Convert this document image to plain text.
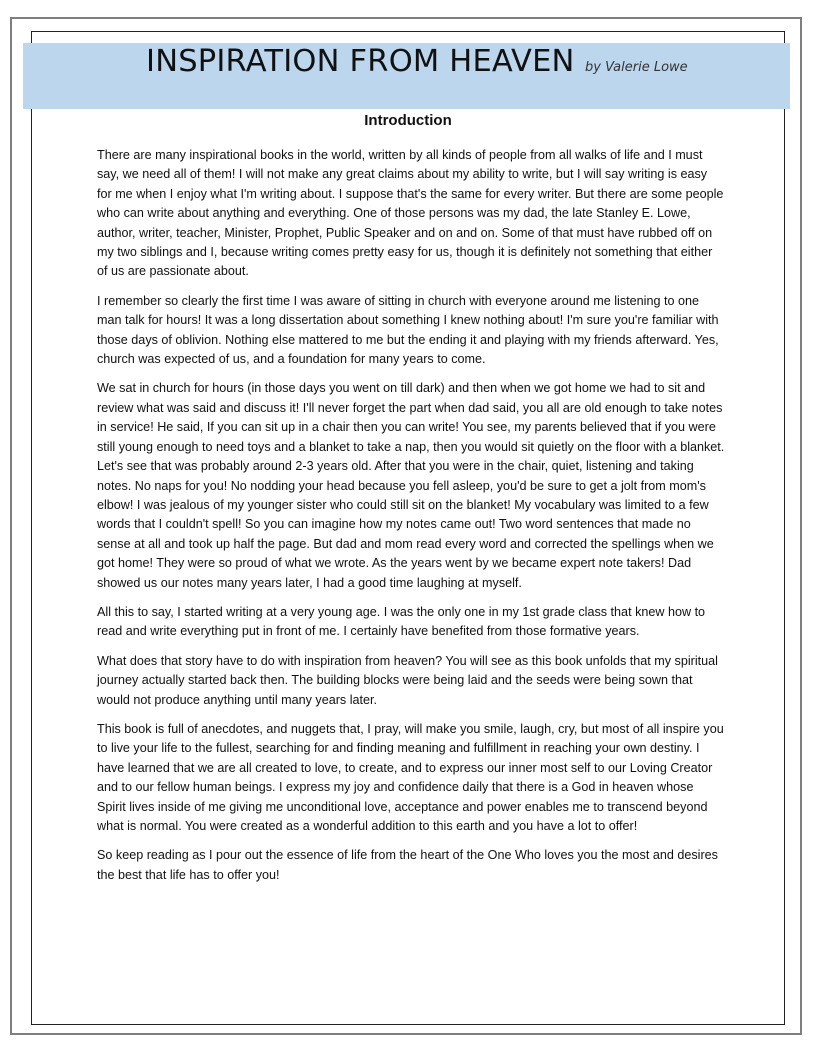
INSPIRATION FROM HEAVEN by Valerie Lowe
Introduction

There are many inspirational books in the world, written by all kinds of people from all walks of life and I must say, we need all of them! I will not make any great claims about my ability to write, but I will say writing is easy for me when I enjoy what I'm writing about. I suppose that's the same for every writer. But there are some people who can write about anything and everything. One of those persons was my dad, the late Stanley E. Lowe, author, writer, teacher, Minister, Prophet, Public Speaker and on and on. Some of that must have rubbed off on my two siblings and I, because writing comes pretty easy for us, though it is definitely not something that either of us are passionate about.

I remember so clearly the first time I was aware of sitting in church with everyone around me listening to one man talk for hours! It was a long dissertation about something I knew nothing about! I'm sure you're familiar with those days of oblivion. Nothing else mattered to me but the ending it and playing with my friends afterward. Yes, church was expected of us, and a foundation for many years to come.

We sat in church for hours (in those days you went on till dark) and then when we got home we had to sit and review what was said and discuss it! I'll never forget the part when dad said, you all are old enough to take notes in service! He said, If you can sit up in a chair then you can write! You see, my parents believed that if you were still young enough to need toys and a blanket to take a nap, then you would sit quietly on the floor with a blanket. Let's see that was probably around 2-3 years old. After that you were in the chair, quiet, listening and taking notes. No naps for you! No nodding your head because you fell asleep, you'd be sure to get a jolt from mom's elbow! I was jealous of my younger sister who could still sit on the blanket! My vocabulary was limited to a few words that I couldn't spell! So you can imagine how my notes came out! Two word sentences that made no sense at all and took up half the page. But dad and mom read every word and corrected the spellings when we got home! They were so proud of what we wrote. As the years went by we became expert note takers! Dad showed us our notes many years later, I had a good time laughing at myself.

All this to say, I started writing at a very young age. I was the only one in my 1st grade class that knew how to read and write everything put in front of me. I certainly have benefited from those formative years.

What does that story have to do with inspiration from heaven? You will see as this book unfolds that my spiritual journey actually started back then. The building blocks were being laid and the seeds were being sown that would not produce anything until many years later.

This book is full of anecdotes, and nuggets that, I pray, will make you smile, laugh, cry, but most of all inspire you to live your life to the fullest, searching for and finding meaning and fulfillment in reaching your own destiny. I have learned that we are all created to love, to create, and to express our inner most self to our Loving Creator and to our fellow human beings. I express my joy and confidence daily that there is a God in heaven whose Spirit lives inside of me giving me unconditional love, acceptance and power enables me to transcend beyond what is normal. You were created as a wonderful addition to this earth and you have a lot to offer!

So keep reading as I pour out the essence of life from the heart of the One Who loves you the most and desires the best that life has to offer you!
